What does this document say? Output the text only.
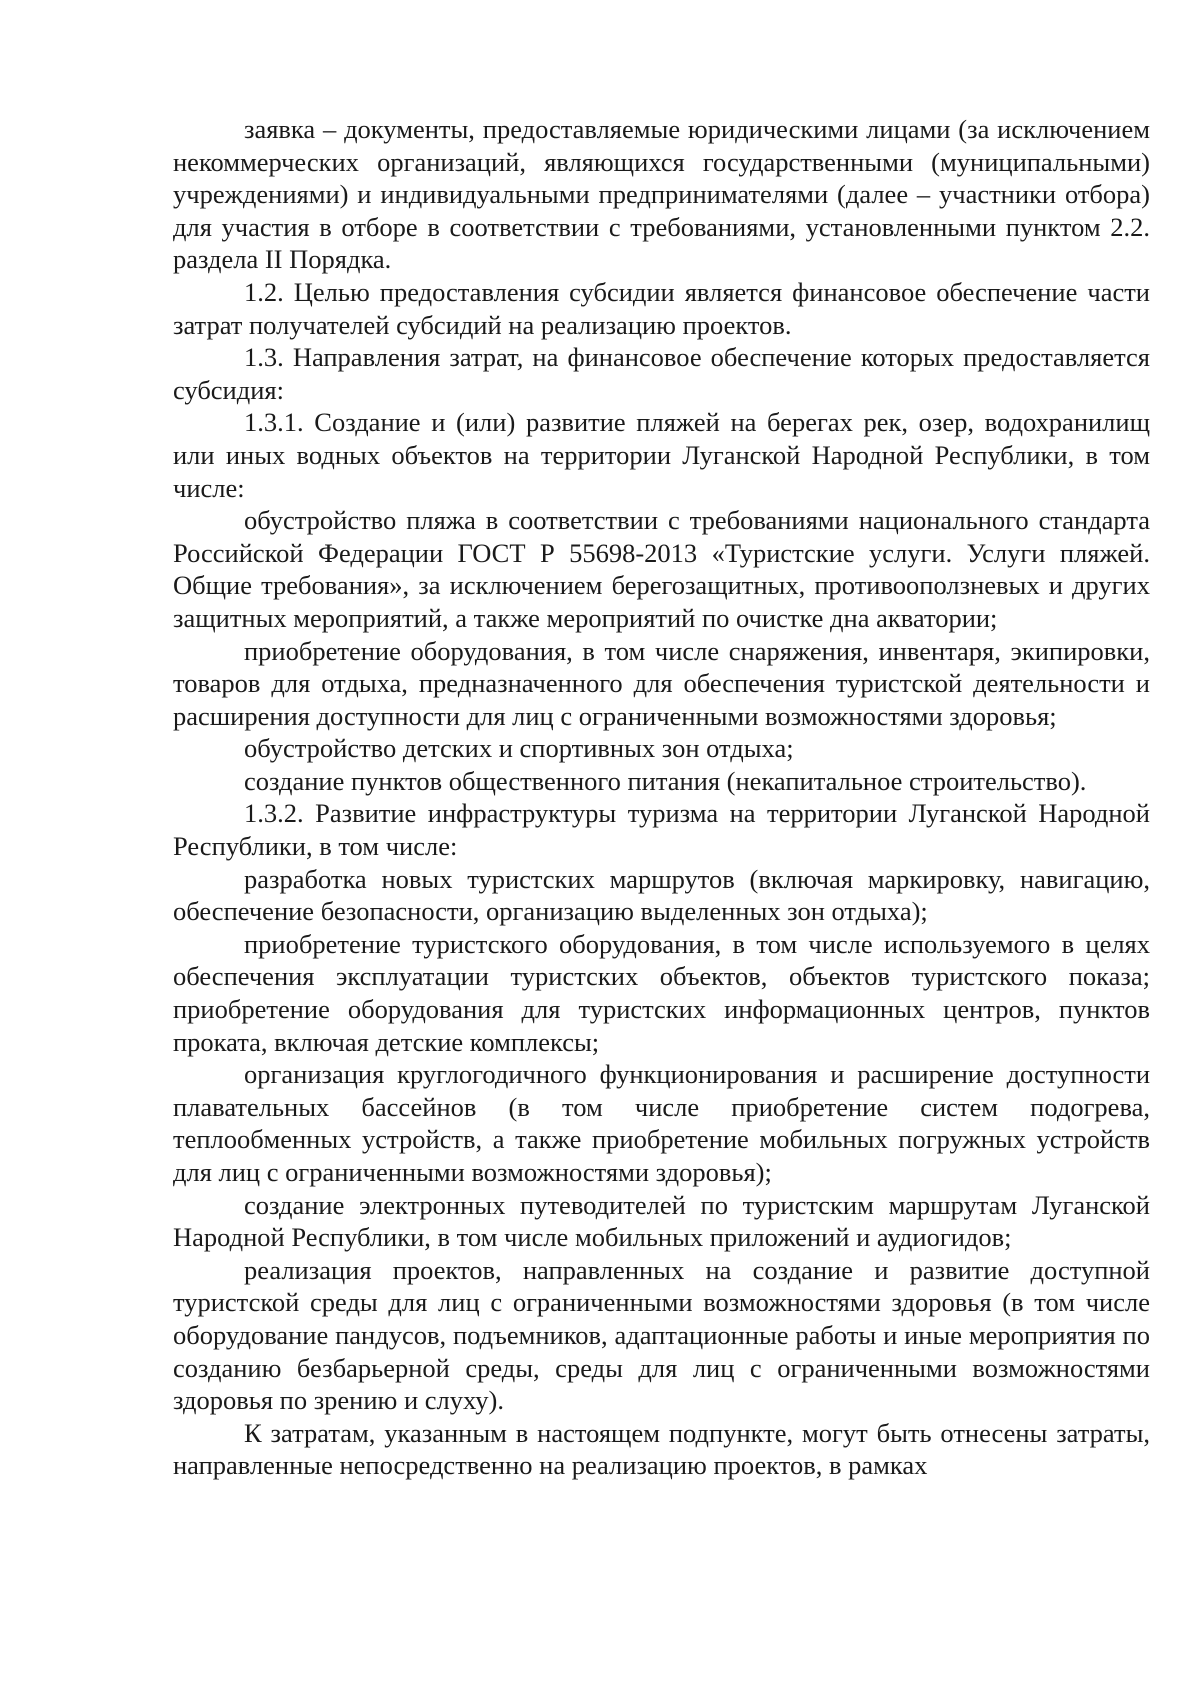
заявка – документы, предоставляемые юридическими лицами (за исключением некоммерческих организаций, являющихся государственными (муниципальными) учреждениями) и индивидуальными предпринимателями (далее – участники отбора) для участия в отборе в соответствии с требованиями, установленными пунктом 2.2. раздела II Порядка.

1.2. Целью предоставления субсидии является финансовое обеспечение части затрат получателей субсидий на реализацию проектов.

1.3. Направления затрат, на финансовое обеспечение которых предоставляется субсидия:

1.3.1. Создание и (или) развитие пляжей на берегах рек, озер, водохранилищ или иных водных объектов на территории Луганской Народной Республики, в том числе:

обустройство пляжа в соответствии с требованиями национального стандарта Российской Федерации ГОСТ Р 55698-2013 «Туристские услуги. Услуги пляжей. Общие требования», за исключением берегозащитных, противооползневых и других защитных мероприятий, а также мероприятий по очистке дна акватории;

приобретение оборудования, в том числе снаряжения, инвентаря, экипировки, товаров для отдыха, предназначенного для обеспечения туристской деятельности и расширения доступности для лиц с ограниченными возможностями здоровья;

обустройство детских и спортивных зон отдыха;

создание пунктов общественного питания (некапитальное строительство).

1.3.2. Развитие инфраструктуры туризма на территории Луганской Народной Республики, в том числе:

разработка новых туристских маршрутов (включая маркировку, навигацию, обеспечение безопасности, организацию выделенных зон отдыха);

приобретение туристского оборудования, в том числе используемого в целях обеспечения эксплуатации туристских объектов, объектов туристского показа; приобретение оборудования для туристских информационных центров, пунктов проката, включая детские комплексы;

организация круглогодичного функционирования и расширение доступности плавательных бассейнов (в том числе приобретение систем подогрева, теплообменных устройств, а также приобретение мобильных погружных устройств для лиц с ограниченными возможностями здоровья);

создание электронных путеводителей по туристским маршрутам Луганской Народной Республики, в том числе мобильных приложений и аудиогидов;

реализация проектов, направленных на создание и развитие доступной туристской среды для лиц с ограниченными возможностями здоровья (в том числе оборудование пандусов, подъемников, адаптационные работы и иные мероприятия по созданию безбарьерной среды, среды для лиц с ограниченными возможностями здоровья по зрению и слуху).

К затратам, указанным в настоящем подпункте, могут быть отнесены затраты, направленные непосредственно на реализацию проектов, в рамках
